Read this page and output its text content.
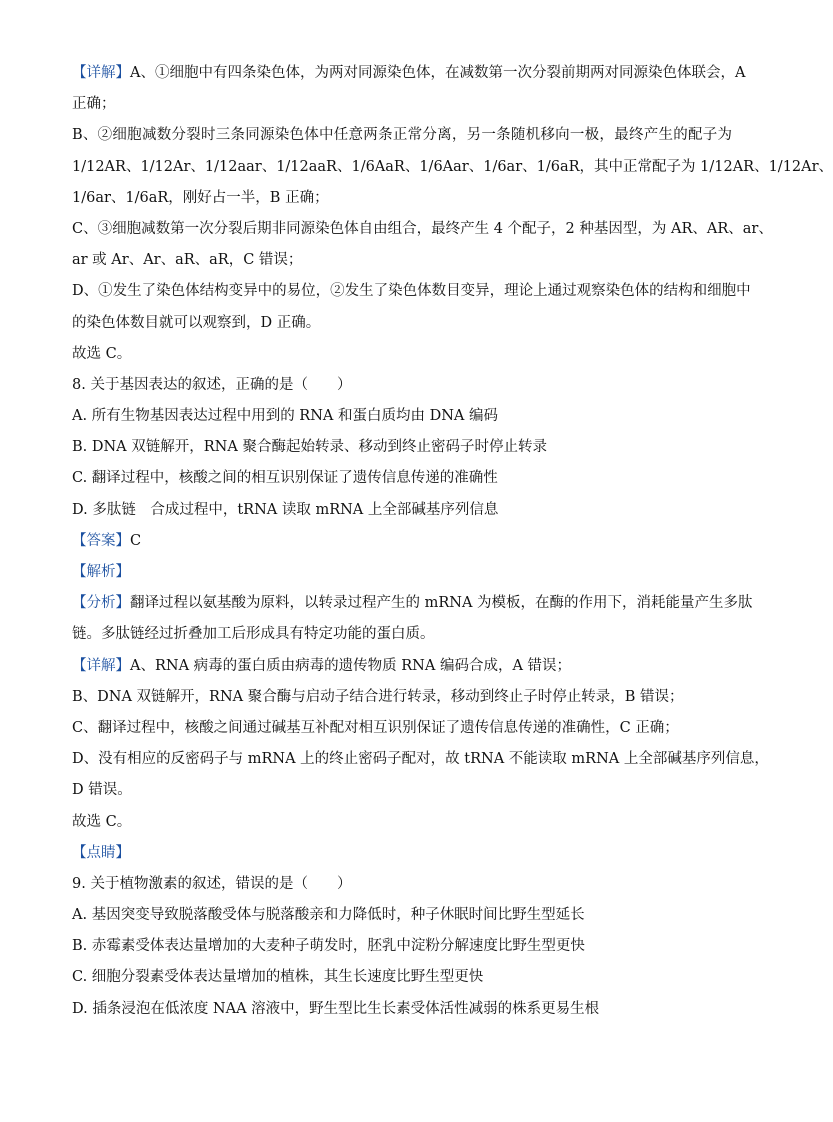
【详解】A、①细胞中有四条染色体，为两对同源染色体，在减数第一次分裂前期两对同源染色体联会，A
正确；
B、②细胞减数分裂时三条同源染色体中任意两条正常分离，另一条随机移向一极，最终产生的配子为
1/12AR、1/12Ar、1/12aar、1/12aaR、1/6AaR、1/6Aar、1/6ar、1/6aR，其中正常配子为 1/12AR、1/12Ar、
1/6ar、1/6aR，刚好占一半，B 正确；
C、③细胞减数第一次分裂后期非同源染色体自由组合，最终产生 4 个配子，2 种基因型，为 AR、AR、ar、
ar 或 Ar、Ar、aR、aR，C 错误；
D、①发生了染色体结构变异中的易位，②发生了染色体数目变异，理论上通过观察染色体的结构和细胞中
的染色体数目就可以观察到，D 正确。
故选 C。
8. 关于基因表达的叙述，正确的是（　　）
A. 所有生物基因表达过程中用到的 RNA 和蛋白质均由 DNA 编码
B. DNA 双链解开，RNA 聚合酶起始转录、移动到终止密码子时停止转录
C. 翻译过程中，核酸之间的相互识别保证了遗传信息传递的准确性
D. 多肽链　合成过程中，tRNA 读取 mRNA 上全部碱基序列信息
【答案】C
【解析】
【分析】翻译过程以氨基酸为原料，以转录过程产生的 mRNA 为模板，在酶的作用下，消耗能量产生多肽
链。多肽链经过折叠加工后形成具有特定功能的蛋白质。
【详解】A、RNA 病毒的蛋白质由病毒的遗传物质 RNA 编码合成，A 错误；
B、DNA 双链解开，RNA 聚合酶与启动子结合进行转录，移动到终止子时停止转录，B 错误；
C、翻译过程中，核酸之间通过碱基互补配对相互识别保证了遗传信息传递的准确性，C 正确；
D、没有相应的反密码子与 mRNA 上的终止密码子配对，故 tRNA 不能读取 mRNA 上全部碱基序列信息，
D 错误。
故选 C。
【点睛】
9. 关于植物激素的叙述，错误的是（　　）
A. 基因突变导致脱落酸受体与脱落酸亲和力降低时，种子休眠时间比野生型延长
B. 赤霉素受体表达量增加的大麦种子萌发时，胚乳中淀粉分解速度比野生型更快
C. 细胞分裂素受体表达量增加的植株，其生长速度比野生型更快
D. 插条浸泡在低浓度 NAA 溶液中，野生型比生长素受体活性减弱的株系更易生根
